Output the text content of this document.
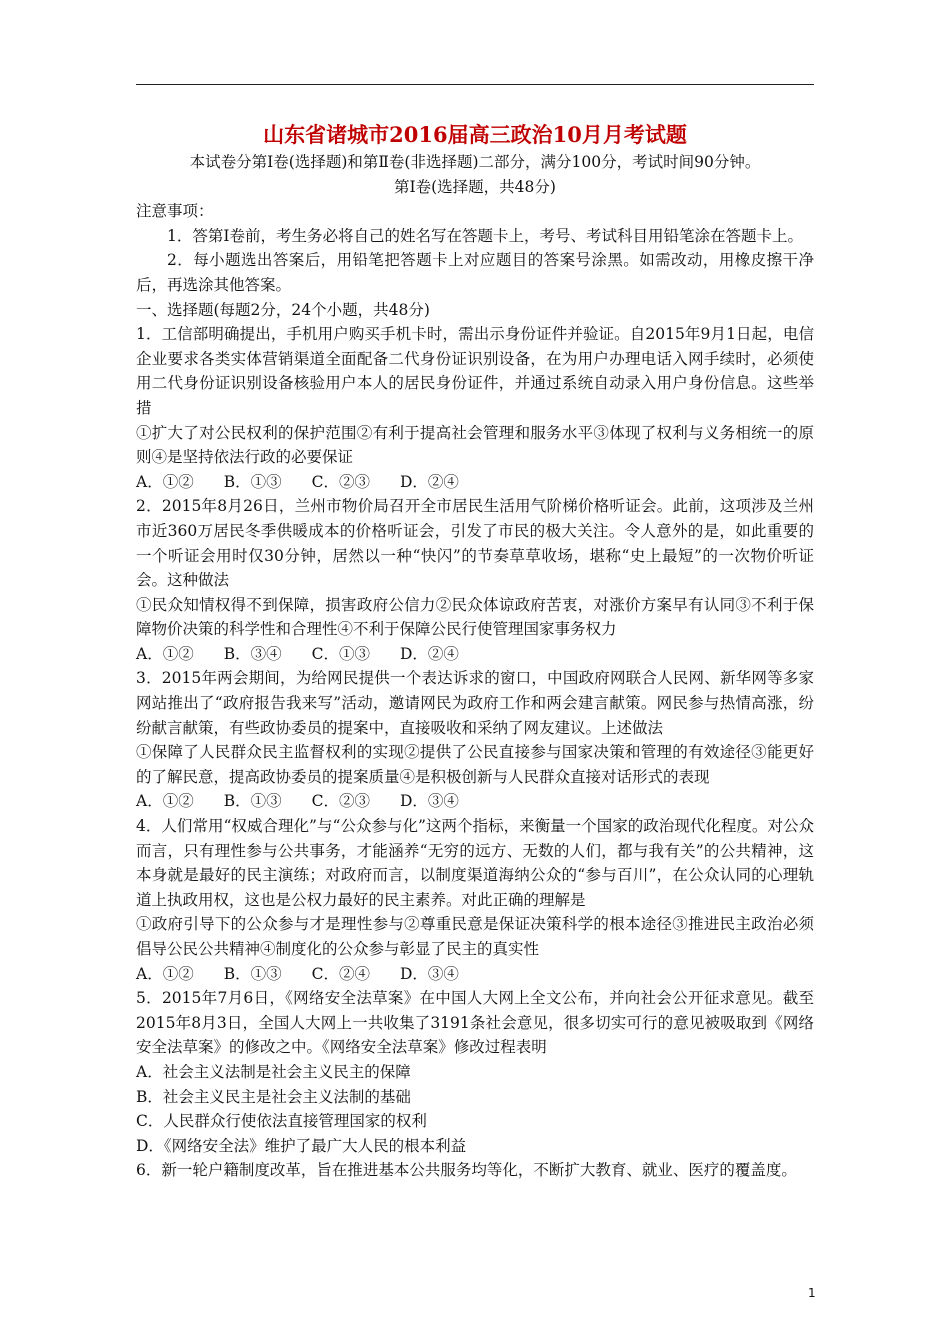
山东省诸城市2016届高三政治10月月考试题

本试卷分第Ⅰ卷(选择题)和第Ⅱ卷(非选择题)二部分，满分100分，考试时间90分钟。

第Ⅰ卷(选择题，共48分)

注意事项：

1．答第Ⅰ卷前，考生务必将自己的姓名写在答题卡上，考号、考试科目用铅笔涂在答题卡上。

2．每小题选出答案后，用铅笔把答题卡上对应题目的答案号涂黑。如需改动，用橡皮擦干净后，再选涂其他答案。

一、选择题(每题2分，24个小题，共48分)

1．工信部明确提出，手机用户购买手机卡时，需出示身份证件并验证。自2015年9月1日起，电信企业要求各类实体营销渠道全面配备二代身份证识别设备，在为用户办理电话入网手续时，必须使用二代身份证识别设备核验用户本人的居民身份证件，并通过系统自动录入用户身份信息。这些举措

①扩大了对公民权利的保护范围②有利于提高社会管理和服务水平③体现了权利与义务相统一的原则④是坚持依法行政的必要保证

A．①② B．①③ C．②③ D．②④

2．2015年8月26日，兰州市物价局召开全市居民生活用气阶梯价格听证会。此前，这项涉及兰州市近360万居民冬季供暖成本的价格听证会，引发了市民的极大关注。令人意外的是，如此重要的一个听证会用时仅30分钟，居然以一种“快闪”的节奏草草收场，堪称“史上最短”的一次物价听证会。这种做法

①民众知情权得不到保障，损害政府公信力②民众体谅政府苦衷，对涨价方案早有认同③不利于保障物价决策的科学性和合理性④不利于保障公民行使管理国家事务权力

A．①② B．③④ C．①③ D．②④

3．2015年两会期间，为给网民提供一个表达诉求的窗口，中国政府网联合人民网、新华网等多家网站推出了“政府报告我来写”活动，邀请网民为政府工作和两会建言献策。网民参与热情高涨，纷纷献言献策，有些政协委员的提案中，直接吸收和采纳了网友建议。上述做法

①保障了人民群众民主监督权利的实现②提供了公民直接参与国家决策和管理的有效途径③能更好的了解民意，提高政协委员的提案质量④是积极创新与人民群众直接对话形式的表现

A．①② B．①③ C．②③ D．③④

4．人们常用“权威合理化”与“公众参与化”这两个指标，来衡量一个国家的政治现代化程度。对公众而言，只有理性参与公共事务，才能涵养“无穷的远方、无数的人们，都与我有关”的公共精神，这本身就是最好的民主演练；对政府而言，以制度渠道海纳公众的“参与百川”，在公众认同的心理轨道上执政用权，这也是公权力最好的民主素养。对此正确的理解是

①政府引导下的公众参与才是理性参与②尊重民意是保证决策科学的根本途径③推进民主政治必须倡导公民公共精神④制度化的公众参与彰显了民主的真实性

A．①② B．①③ C．②④ D．③④

5．2015年7月6日，《网络安全法草案》在中国人大网上全文公布，并向社会公开征求意见。截至2015年8月3日，全国人大网上一共收集了3191条社会意见，很多切实可行的意见被吸取到《网络安全法草案》的修改之中。《网络安全法草案》修改过程表明

A．社会主义法制是社会主义民主的保障

B．社会主义民主是社会主义法制的基础

C．人民群众行使依法直接管理国家的权利

D．《网络安全法》维护了最广大人民的根本利益

6．新一轮户籍制度改革，旨在推进基本公共服务均等化，不断扩大教育、就业、医疗的覆盖度。

1
